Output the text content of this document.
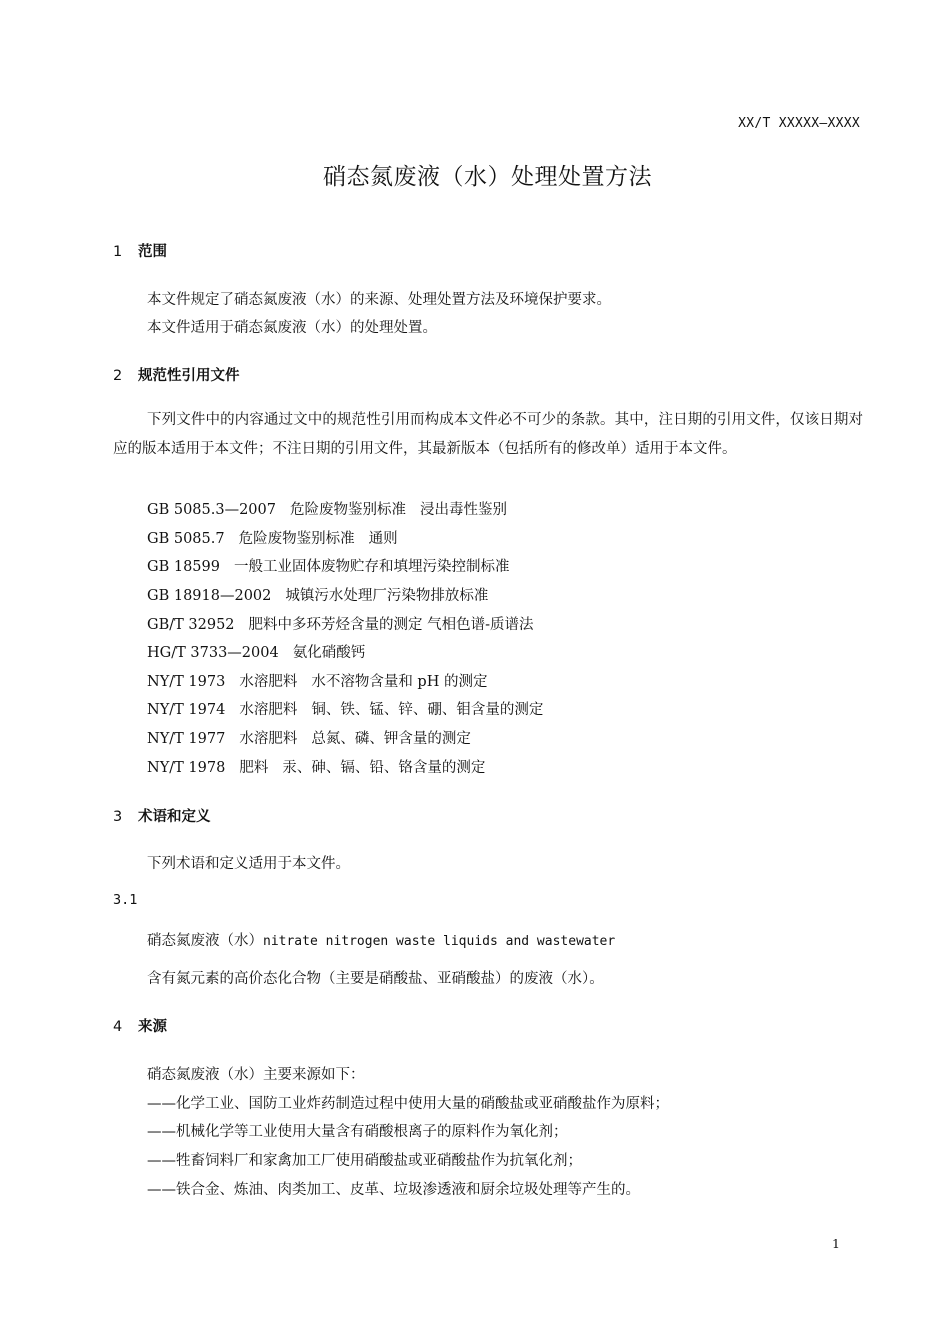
XX/T XXXXX—XXXX
硝态氮废液（水）处理处置方法
1 范围
本文件规定了硝态氮废液（水）的来源、处理处置方法及环境保护要求。
本文件适用于硝态氮废液（水）的处理处置。
2 规范性引用文件
下列文件中的内容通过文中的规范性引用而构成本文件必不可少的条款。其中，注日期的引用文件，仅该日期对应的版本适用于本文件；不注日期的引用文件，其最新版本（包括所有的修改单）适用于本文件。
GB 5085.3—2007 危险废物鉴别标准 浸出毒性鉴别
GB 5085.7 危险废物鉴别标准 通则
GB 18599 一般工业固体废物贮存和填埋污染控制标准
GB 18918—2002 城镇污水处理厂污染物排放标准
GB/T 32952 肥料中多环芳烃含量的测定 气相色谱-质谱法
HG/T 3733—2004 氨化硝酸钙
NY/T 1973 水溶肥料 水不溶物含量和 pH 的测定
NY/T 1974 水溶肥料 铜、铁、锰、锌、硼、钼含量的测定
NY/T 1977 水溶肥料 总氮、磷、钾含量的测定
NY/T 1978 肥料 汞、砷、镉、铅、铬含量的测定
3 术语和定义
下列术语和定义适用于本文件。
3.1
硝态氮废液（水）nitrate nitrogen waste liquids and wastewater
含有氮元素的高价态化合物（主要是硝酸盐、亚硝酸盐）的废液（水）。
4 来源
硝态氮废液（水）主要来源如下：
——化学工业、国防工业炸药制造过程中使用大量的硝酸盐或亚硝酸盐作为原料；
——机械化学等工业使用大量含有硝酸根离子的原料作为氧化剂；
——牲畜饲料厂和家禽加工厂使用硝酸盐或亚硝酸盐作为抗氧化剂；
——铁合金、炼油、肉类加工、皮革、垃圾渗透液和厨余垃圾处理等产生的。
1
